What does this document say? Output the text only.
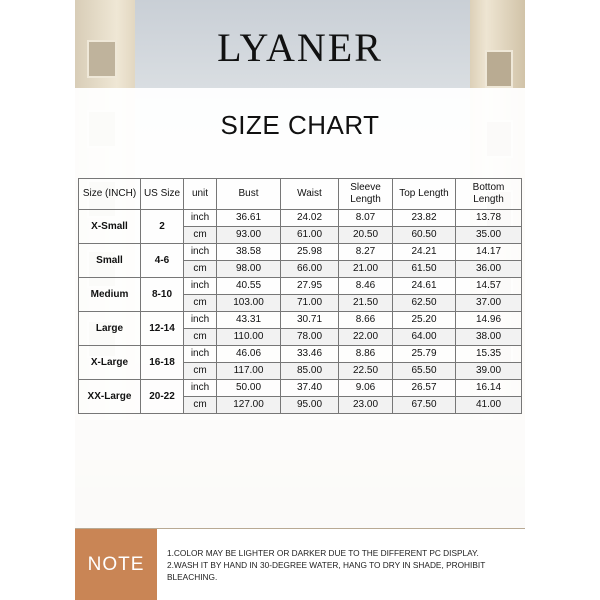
LYANER
SIZE CHART
Size (INCH)	US Size	unit	Bust	Waist	Sleeve Length	Top Length	Bottom Length
X-Small	2	inch	36.61	24.02	8.07	23.82	13.78
		cm	93.00	61.00	20.50	60.50	35.00
Small	4-6	inch	38.58	25.98	8.27	24.21	14.17
		cm	98.00	66.00	21.00	61.50	36.00
Medium	8-10	inch	40.55	27.95	8.46	24.61	14.57
		cm	103.00	71.00	21.50	62.50	37.00
Large	12-14	inch	43.31	30.71	8.66	25.20	14.96
		cm	110.00	78.00	22.00	64.00	38.00
X-Large	16-18	inch	46.06	33.46	8.86	25.79	15.35
		cm	117.00	85.00	22.50	65.50	39.00
XX-Large	20-22	inch	50.00	37.40	9.06	26.57	16.14
		cm	127.00	95.00	23.00	67.50	41.00
NOTE
1.COLOR MAY BE LIGHTER OR DARKER DUE TO THE DIFFERENT PC DISPLAY.
2.WASH IT BY HAND IN 30-DEGREE WATER, HANG TO DRY IN SHADE, PROHIBIT BLEACHING.
